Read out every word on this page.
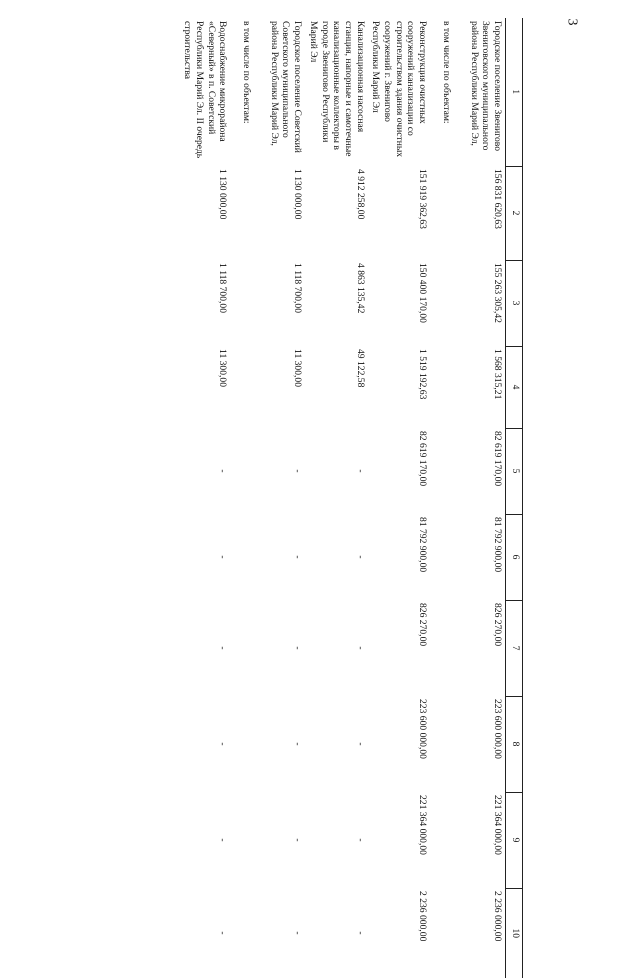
3
1	2	3	4	5	6	7	8	9	10
Городское поселение Звенигово Звениговского муниципального района Республики Марий Эл,	156 831 620,63	155 263 305,42	1 568 315,21	82 619 170,00	81 792 900,00	826 270,00	223 600 000,00	221 364 000,00	2 236 000,00
в том числе по объектам:									
Реконструкция очистных сооружений канализации со строительством здания очистных сооружений г. Звенигово Республики Марий Эл	151 919 362,63	150 400 170,00	1 519 192,63	82 619 170,00	81 792 900,00	826 270,00	223 600 000,00	221 364 000,00	2 236 000,00
Канализационная насосная станция, напорные и самотечные канализационные коллекторы в городе Звенигово Республики Марий Эл	4 912 258,00	4 863 135,42	49 122,58	-	-	-	-	-	-
Городское поселение Советский Советского муниципального района Республики Марий Эл,	1 130 000,00	1 118 700,00	11 300,00	-	-	-	-	-	-
в том числе по объектам:									
Водоснабжение микрорайона «Северный» в п. Советский Республики Марий Эл. II очередь строительства	1 130 000,00	1 118 700,00	11 300,00	-	-	-	-	-	-
